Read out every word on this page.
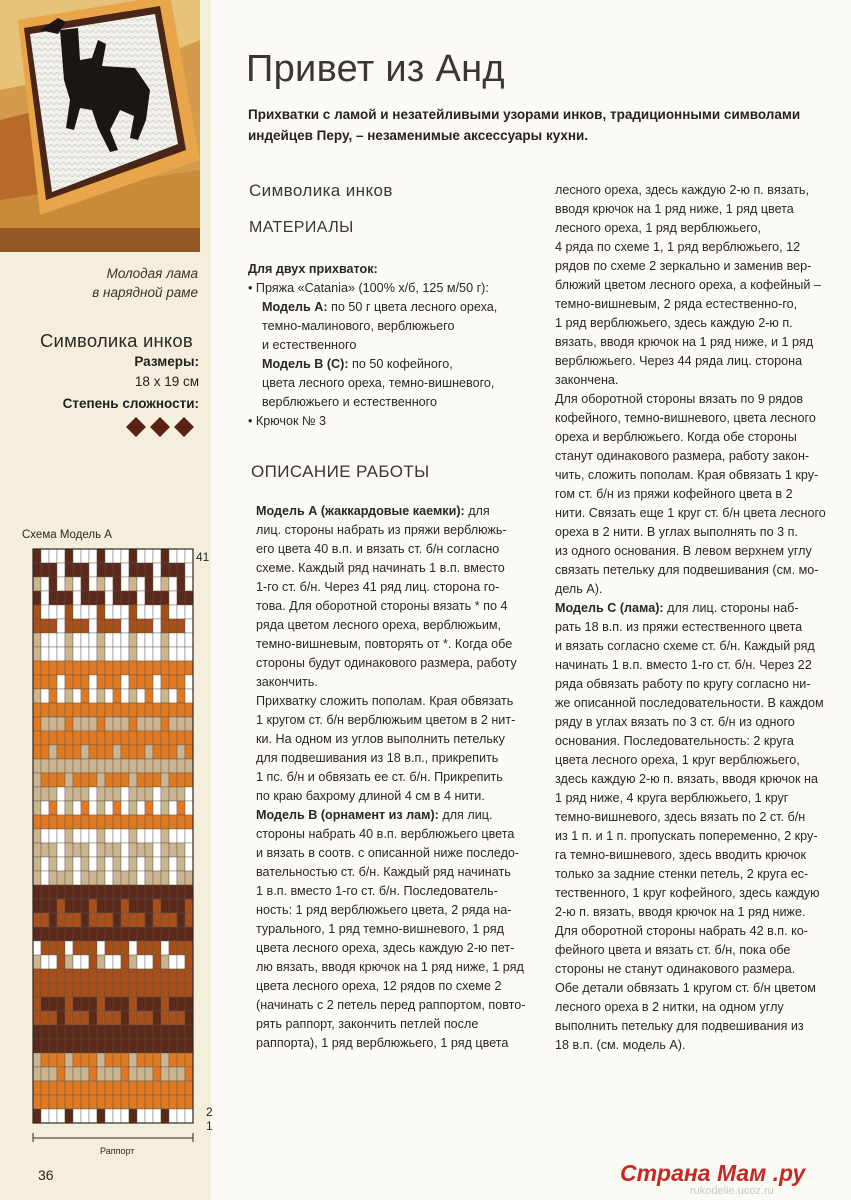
Молодая лама
в нарядной раме
Символика инков
Размеры:
18 х 19 см
Степень сложности:
Схема Модель А
41
2
1
Раппорт
36
Привет из Анд
Прихватки с ламой и незатейливыми узорами инков, традиционными символами
индейцев Перу, – незаменимые аксессуары кухни.
Символика инков
МАТЕРИАЛЫ

Для двух прихваток:

• Пряжа «Catania» (100% х/б, 125 м/50 г):

Модель А: по 50 г цвета лесного ореха,

темно-малинового, верблюжьего

и естественного

Модель В (С): по 50 кофейного,

цвета лесного ореха, темно-вишневого,

верблюжьего и естественного

• Крючок № 3

ОПИСАНИЕ РАБОТЫ

Модель А (жаккардовые каемки): для

лиц. стороны набрать из пряжи верблюжь-

его цвета 40 в.п. и вязать ст. б/н согласно

схеме. Каждый ряд начинать 1 в.п. вместо

1-го ст. б/н. Через 41 ряд лиц. сторона го-

това. Для оборотной стороны вязать * по 4

ряда цветом лесного ореха, верблюжьим,

темно-вишневым, повторять от *. Когда обе

стороны будут одинакового размера, работу

закончить.

Прихватку сложить пополам. Края обвязать

1 кругом ст. б/н верблюжьим цветом в 2 нит-

ки. На одном из углов выполнить петельку

для подвешивания из 18 в.п., прикрепить

1 пс. б/н и обвязать ее ст. б/н. Прикрепить

по краю бахрому длиной 4 см в 4 нити.

Модель В (орнамент из лам): для лиц.

стороны набрать 40 в.п. верблюжьего цвета

и вязать в соотв. с описанной ниже последо-

вательностью ст. б/н. Каждый ряд начинать

1 в.п. вместо 1-го ст. б/н. Последователь-

ность: 1 ряд верблюжьего цвета, 2 ряда на-

турального, 1 ряд темно-вишневого, 1 ряд

цвета лесного ореха, здесь каждую 2-ю пет-

лю вязать, вводя крючок на 1 ряд ниже, 1 ряд

цвета лесного ореха, 12 рядов по схеме 2

(начинать с 2 петель перед раппортом, повто-

рять раппорт, закончить петлей после

раппорта), 1 ряд верблюжьего, 1 ряд цвета

лесного ореха, здесь каждую 2-ю п. вязать,

вводя крючок на 1 ряд ниже, 1 ряд цвета

лесного ореха, 1 ряд верблюжьего,

4 ряда по схеме 1, 1 ряд верблюжьего, 12

рядов по схеме 2 зеркально и заменив вер-

блюжий цветом лесного ореха, а кофейный –

темно-вишневым, 2 ряда естественно-го,

1 ряд верблюжьего, здесь каждую 2-ю п.

вязать, вводя крючок на 1 ряд ниже, и 1 ряд

верблюжьего. Через 44 ряда лиц. сторона

закончена.

Для оборотной стороны вязать по 9 рядов

кофейного, темно-вишневого, цвета лесного

ореха и верблюжьего. Когда обе стороны

станут одинакового размера, работу закон-

чить, сложить пополам. Края обвязать 1 кру-

гом ст. б/н из пряжи кофейного цвета в 2

нити. Связать еще 1 круг ст. б/н цвета лесного

ореха в 2 нити. В углах выполнять по 3 п.

из одного основания. В левом верхнем углу

связать петельку для подвешивания (см. мо-

дель А).

Модель С (лама): для лиц. стороны наб-

рать 18 в.п. из пряжи естественного цвета

и вязать согласно схеме ст. б/н. Каждый ряд

начинать 1 в.п. вместо 1-го ст. б/н. Через 22

ряда обвязать работу по кругу согласно ни-

же описанной последовательности. В каждом

ряду в углах вязать по 3 ст. б/н из одного

основания. Последовательность: 2 круга

цвета лесного ореха, 1 круг верблюжьего,

здесь каждую 2-ю п. вязать, вводя крючок на

1 ряд ниже, 4 круга верблюжьего, 1 круг

темно-вишневого, здесь вязать по 2 ст. б/н

из 1 п. и 1 п. пропускать попеременно, 2 кру-

га темно-вишневого, здесь вводить крючок

только за задние стенки петель, 2 круга ес-

тественного, 1 круг кофейного, здесь каждую

2-ю п. вязать, вводя крючок на 1 ряд ниже.

Для оборотной стороны набрать 42 в.п. ко-

фейного цвета и вязать ст. б/н, пока обе

стороны не станут одинакового размера.

Обе детали обвязать 1 кругом ст. б/н цветом

лесного ореха в 2 нитки, на одном углу

выполнить петельку для подвешивания из

18 в.п. (см. модель А).

Страна Мам .ру
rukodelie.ucoz.ru
